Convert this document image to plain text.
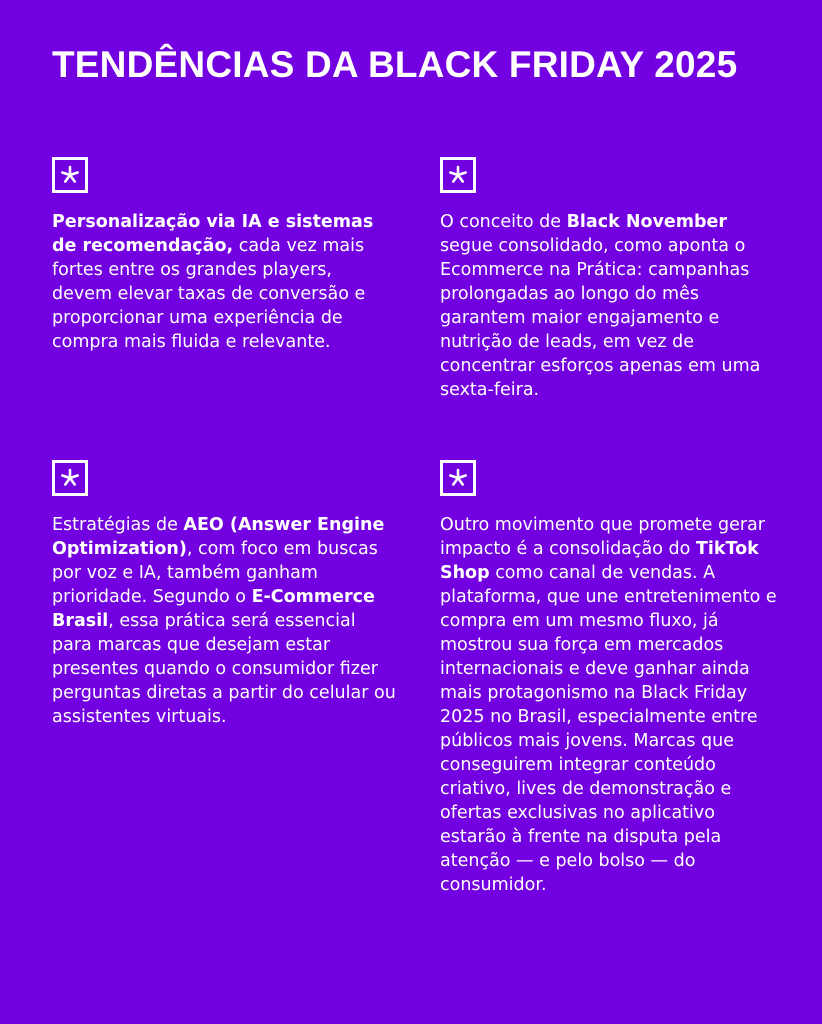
TENDÊNCIAS DA BLACK FRIDAY 2025

Personalização via IA e sistemas de recomendação, cada vez mais fortes entre os grandes players, devem elevar taxas de conversão e proporcionar uma experiência de compra mais fluida e relevante.

O conceito de Black November segue consolidado, como aponta o Ecommerce na Prática: campanhas prolongadas ao longo do mês garantem maior engajamento e nutrição de leads, em vez de concentrar esforços apenas em uma sexta-feira.

Estratégias de AEO (Answer Engine Optimization), com foco em buscas por voz e IA, também ganham prioridade. Segundo o E-Commerce Brasil, essa prática será essencial para marcas que desejam estar presentes quando o consumidor fizer perguntas diretas a partir do celular ou assistentes virtuais.

Outro movimento que promete gerar impacto é a consolidação do TikTok Shop como canal de vendas. A plataforma, que une entretenimento e compra em um mesmo fluxo, já mostrou sua força em mercados internacionais e deve ganhar ainda mais protagonismo na Black Friday 2025 no Brasil, especialmente entre públicos mais jovens. Marcas que conseguirem integrar conteúdo criativo, lives de demonstração e ofertas exclusivas no aplicativo estarão à frente na disputa pela atenção — e pelo bolso — do consumidor.
